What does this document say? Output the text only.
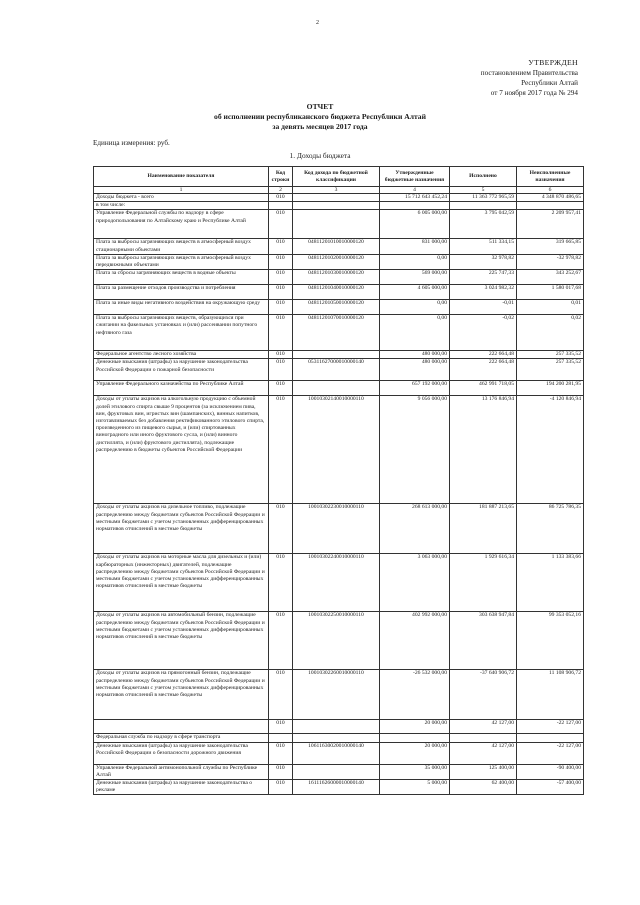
2
УТВЕРЖДЕН
постановлением Правительства
Республики Алтай
от 7 ноября 2017 года № 294
ОТЧЕТ
об исполнении республиканского бюджета Республики Алтай
за девять месяцев 2017 года
Единица измерения: руб.
1. Доходы бюджета
Наименование показателя	Код строки	Код дохода по бюджетной классификации	Утвержденные бюджетные назначения	Исполнено	Неисполненные назначения
1	2	3	4	5	6
Доходы бюджета - всего	010		15 712 643 452,24	11 363 772 965,59	4 348 870 486,65
в том числе:					
Управление Федеральной службы по надзору в сфере природопользования по Алтайскому краю и Республике Алтай	010		6 005 000,00	3 795 042,59	2 209 957,41
Плата за выбросы загрязняющих веществ в атмосферный воздух стационарными объектами	010	04811201010010000120	831 000,00	511 334,15	319 665,85
Плата за выбросы загрязняющих веществ в атмосферный воздух передвижными объектами	010	04811201020010000120	0,00	32 978,82	-32 978,82
Плата за сбросы загрязняющих веществ в водные объекты	010	04811201030010000120	569 000,00	225 747,33	343 252,67
Плата за размещение отходов производства и потребления	010	04811201040010000120	4 605 000,00	3 024 982,32	1 580 017,68
Плата за иные виды негативного воздействия на окружающую среду	010	04811201050010000120	0,00	-0,01	0,01
Плата за выбросы загрязняющих веществ, образующихся при сжигании на факельных установках и (или) рассеивании попутного нефтяного газа	010	04811201070010000120	0,00	-0,02	0,02
Федеральное агентство лесного хозяйства	010		480 000,00	222 664,48	257 335,52
Денежные взыскания (штрафы) за нарушение законодательства Российской Федерации о пожарной безопасности	010	05311627000010000140	480 000,00	222 664,48	257 335,52
Управление Федерального казначейства по Республике Алтай	010		657 192 000,00	462 991 718,05	194 200 281,95
Доходы от уплаты акцизов на алкогольную продукцию с объемной долей этилового спирта свыше 9 процентов (за исключением пива, вин, фруктовых вин, игристых вин (шампанских), винных напитков, изготавливаемых без добавления ректификованного этилового спирта, произведенного из пищевого сырья, и (или) спиртованных виноградного или иного фруктового сусла, и (или) винного дистиллята, и (или) фруктового дистиллята), подлежащие распределению в бюджеты субъектов Российской Федерации	010	10010302140010000110	9 056 000,00	13 176 846,94	-4 120 846,94
Доходы от уплаты акцизов на дизельное топливо, подлежащие распределению между бюджетами субъектов Российской Федерации и местными бюджетами с учетом установленных дифференцированных нормативов отчислений в местные бюджеты	010	10010302230010000110	268 613 000,00	181 887 213,65	86 725 786,35
Доходы от уплаты акцизов на моторные масла для дизельных и (или) карбюраторных (инжекторных) двигателей, подлежащие распределению между бюджетами субъектов Российской Федерации и местными бюджетами с учетом установленных дифференцированных нормативов отчислений в местные бюджеты	010	10010302240010000110	3 063 000,00	1 929 616,34	1 133 383,66
Доходы от уплаты акцизов на автомобильный бензин, подлежащие распределению между бюджетами субъектов Российской Федерации и местными бюджетами с учетом установленных дифференцированных нормативов отчислений в местные бюджеты	010	10010302250010000110	402 992 000,00	303 638 947,84	99 353 052,16
Доходы от уплаты акцизов на прямогонный бензин, подлежащие распределению между бюджетами субъектов Российской Федерации и местными бюджетами с учетом установленных дифференцированных нормативов отчислений в местные бюджеты	010	10010302260010000110	-26 532 000,00	-37 640 906,72	11 108 906,72
	010		20 000,00	42 127,00	-22 127,00
Федеральная служба по надзору в сфере транспорта					
Денежные взыскания (штрафы) за нарушение законодательства Российской Федерации о безопасности дорожного движения	010	10611630020010000140	20 000,00	42 127,00	-22 127,00
Управление Федеральной антимонопольной службы по Республике Алтай	010		35 000,00	125 400,00	-90 400,00
Денежные взыскания (штрафы) за нарушение законодательства о рекламе	010	16111626000010000140	5 000,00	62 400,00	-57 400,00
